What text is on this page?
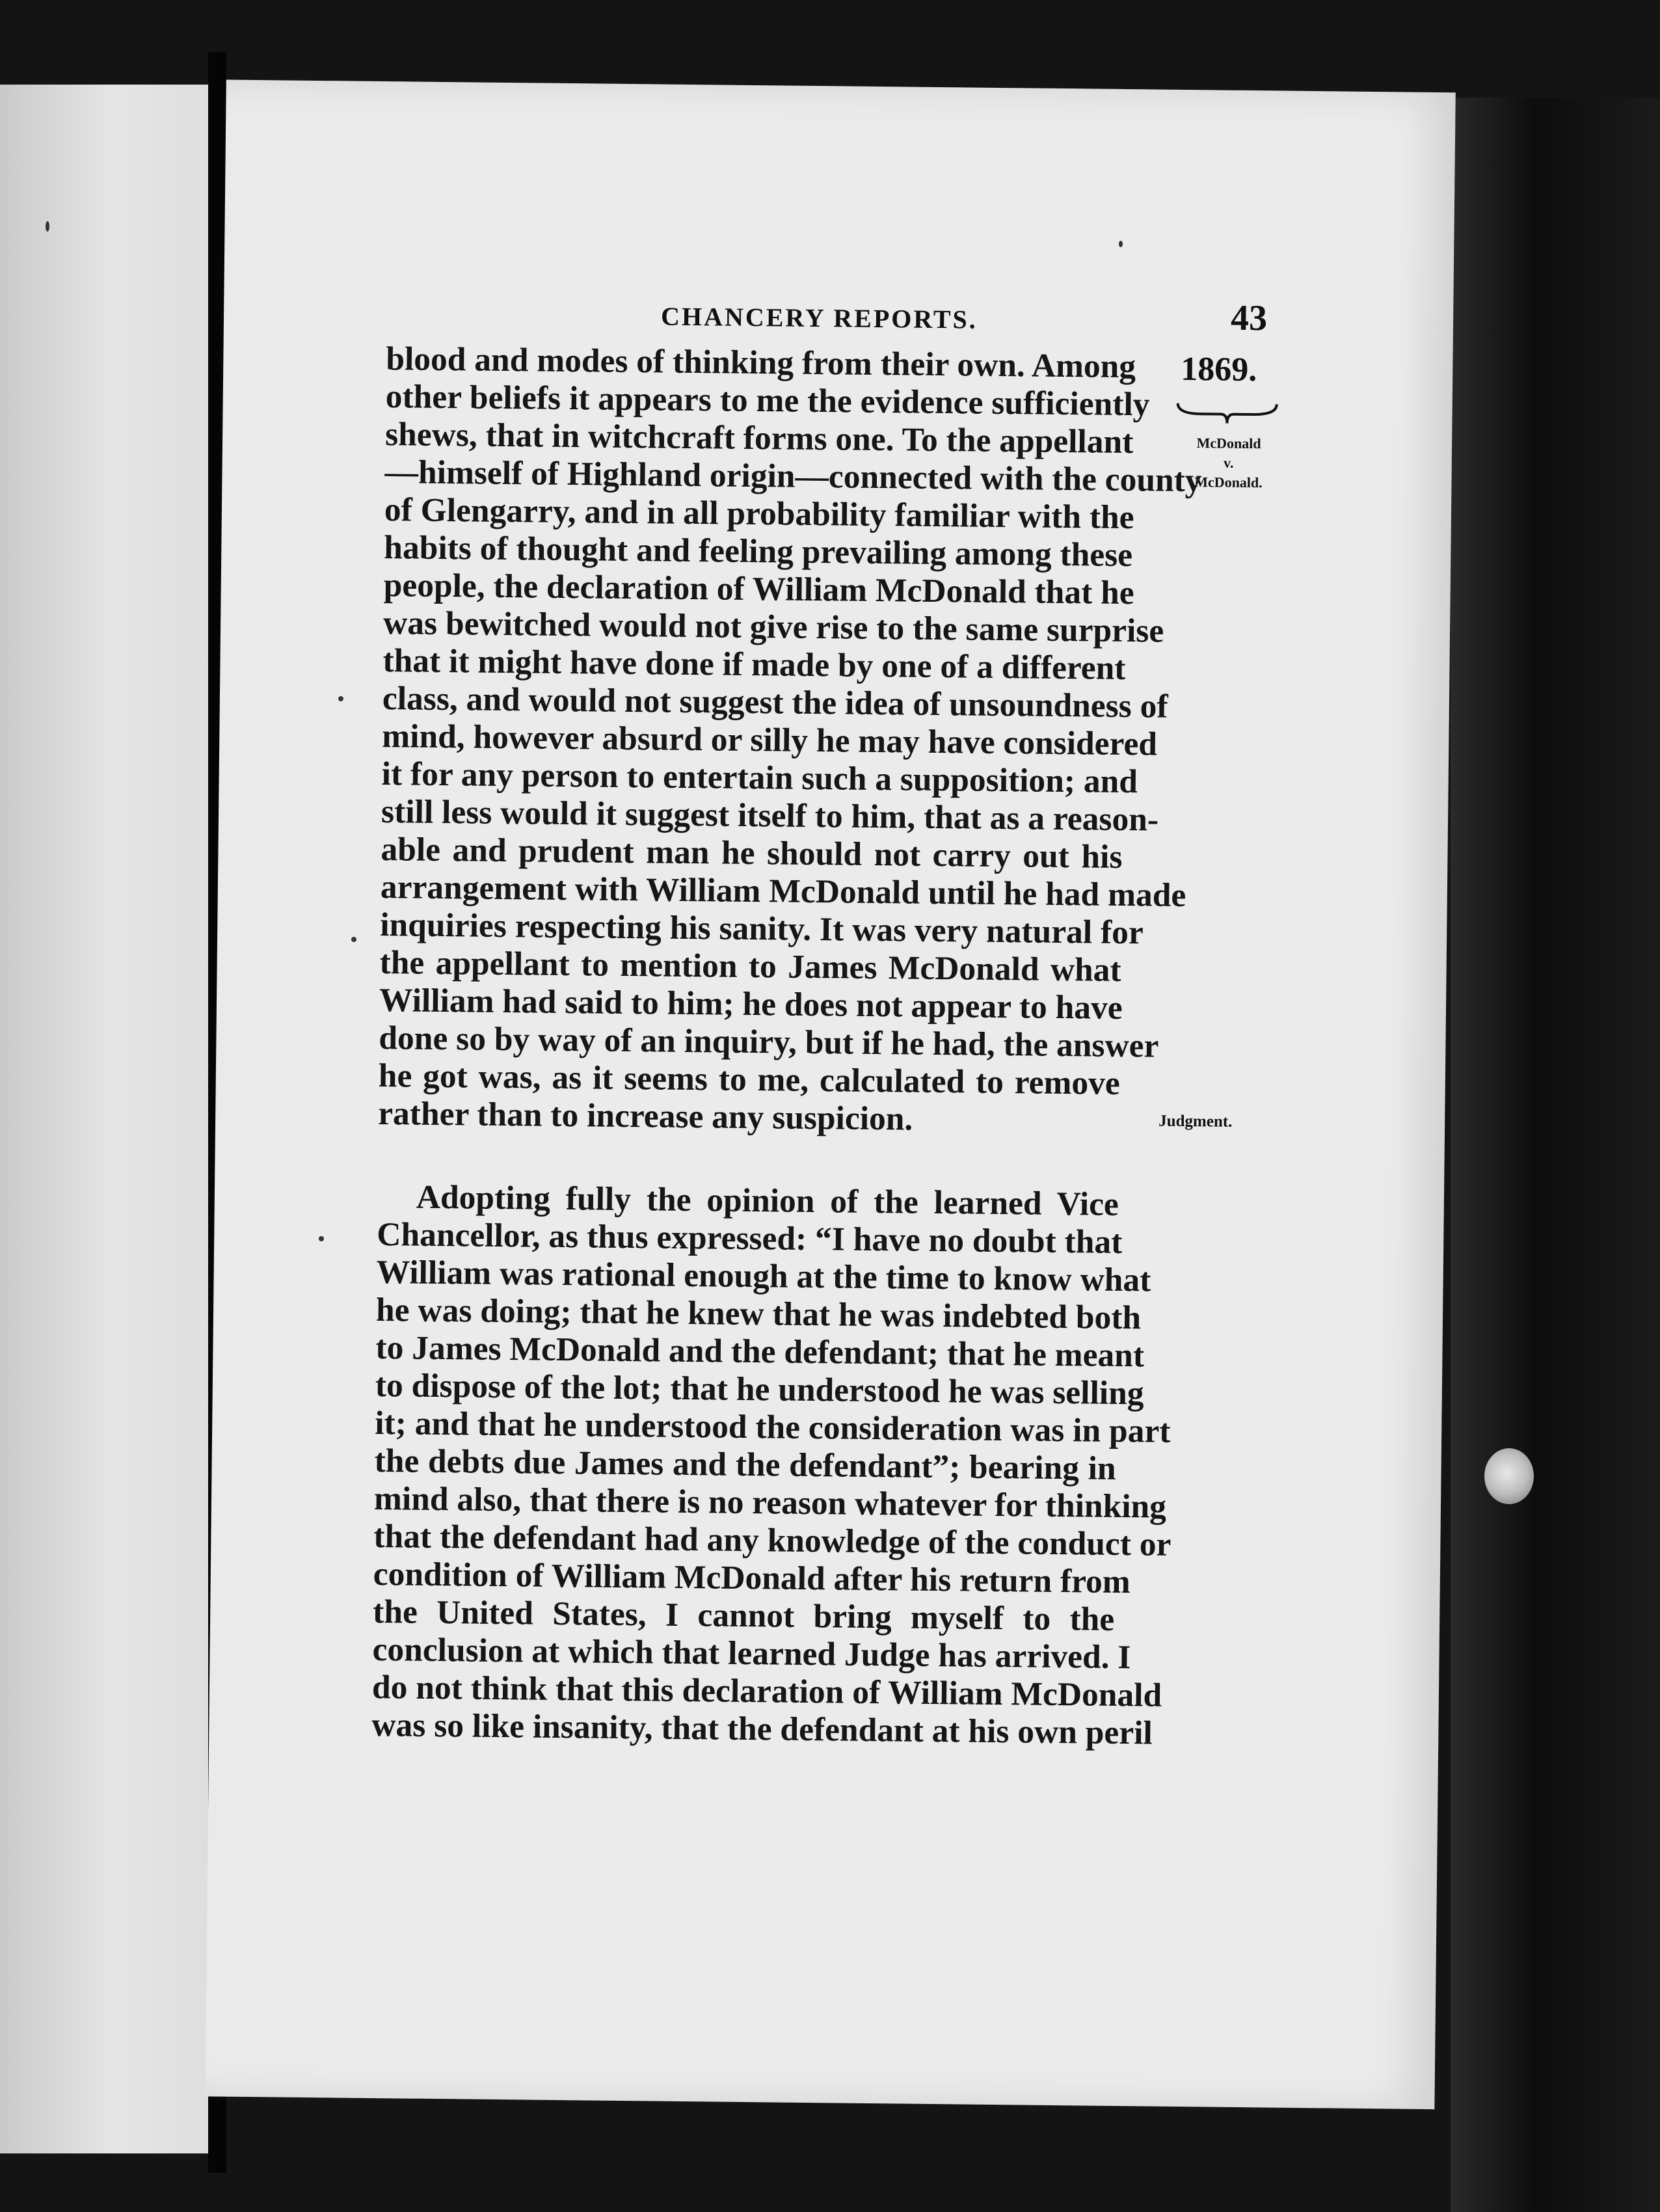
CHANCERY REPORTS.	43
1869.
McDonald
v.
McDonald.
Judgment.
blood and modes of thinking from their own. Among
other beliefs it appears to me the evidence sufficiently
shews, that in witchcraft forms one. To the appellant
—himself of Highland origin—connected with the county
of Glengarry, and in all probability familiar with the
habits of thought and feeling prevailing among these
people, the declaration of William McDonald that he
was bewitched would not give rise to the same surprise
that it might have done if made by one of a different
class, and would not suggest the idea of unsoundness of
mind, however absurd or silly he may have considered
it for any person to entertain such a supposition; and
still less would it suggest itself to him, that as a reason-
able and prudent man he should not carry out his
arrangement with William McDonald until he had made
inquiries respecting his sanity. It was very natural for
the appellant to mention to James McDonald what
William had said to him; he does not appear to have
done so by way of an inquiry, but if he had, the answer
he got was, as it seems to me, calculated to remove
rather than to increase any suspicion.
Adopting fully the opinion of the learned Vice
Chancellor, as thus expressed: “I have no doubt that
William was rational enough at the time to know what
he was doing; that he knew that he was indebted both
to James McDonald and the defendant; that he meant
to dispose of the lot; that he understood he was selling
it; and that he understood the consideration was in part
the debts due James and the defendant”; bearing in
mind also, that there is no reason whatever for thinking
that the defendant had any knowledge of the conduct or
condition of William McDonald after his return from
the United States, I cannot bring myself to the
conclusion at which that learned Judge has arrived. I
do not think that this declaration of William McDonald
was so like insanity, that the defendant at his own peril
